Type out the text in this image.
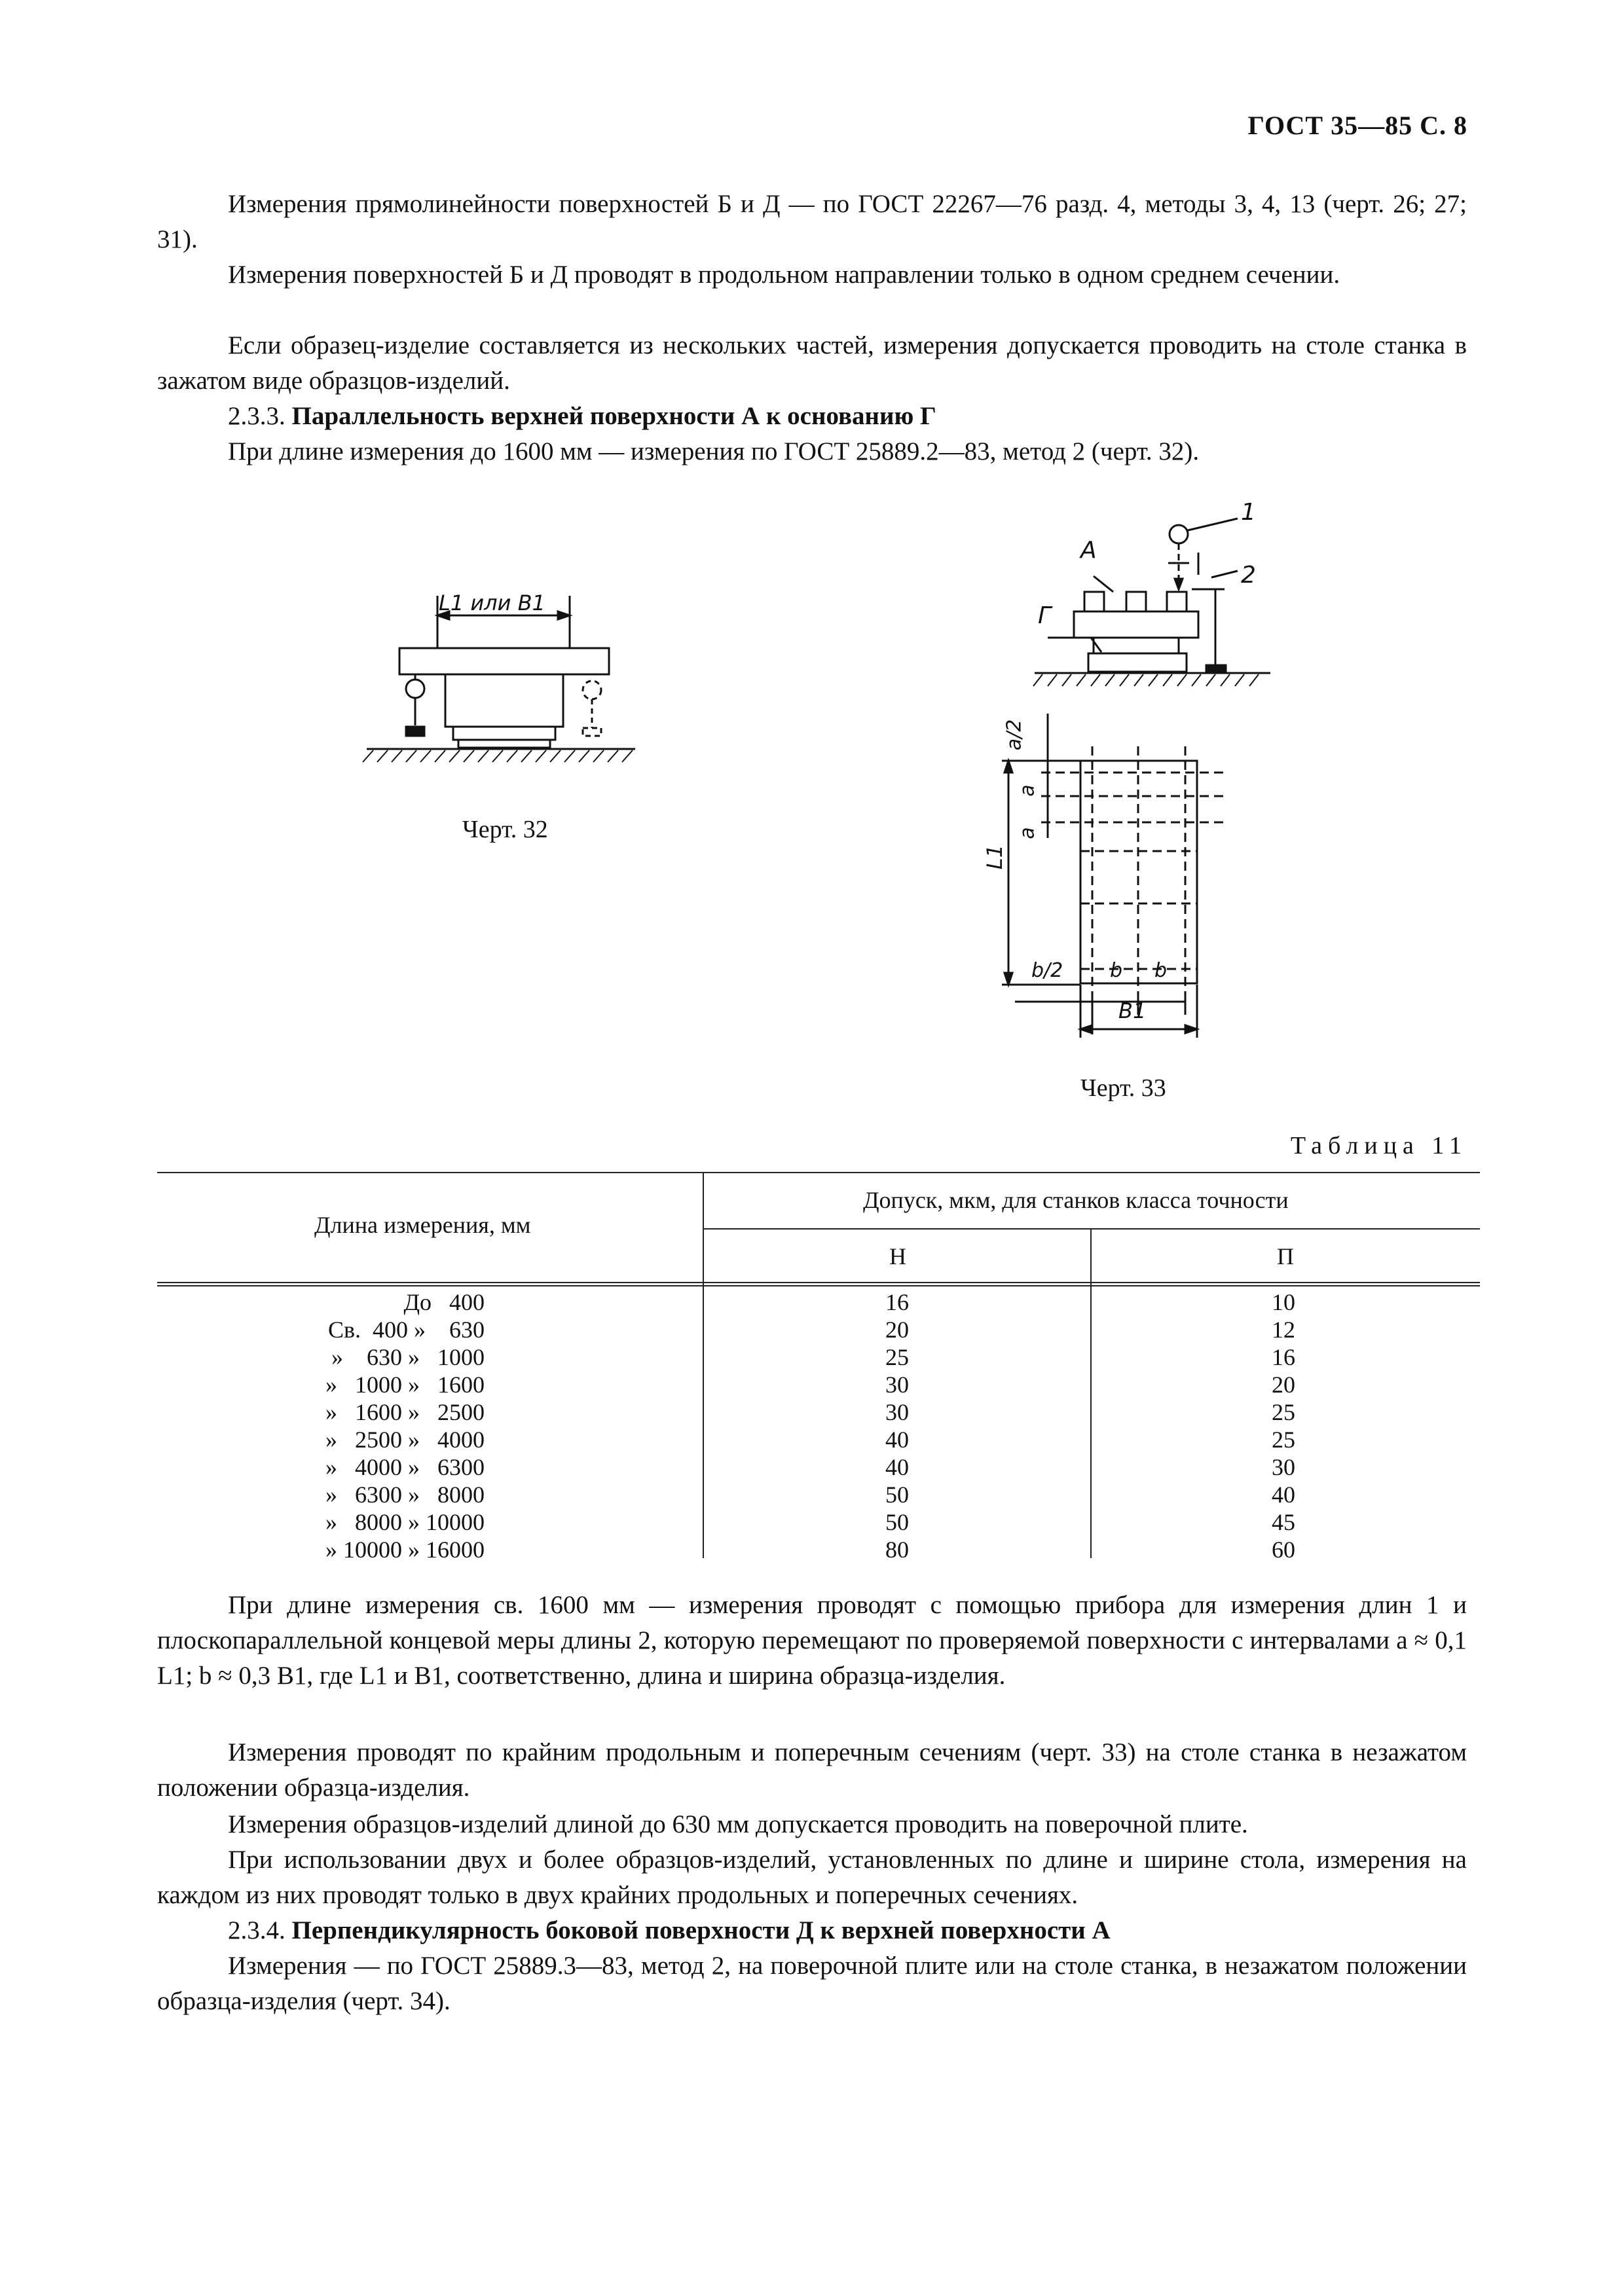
ГОСТ 35—85 С. 8
Измерения прямолинейности поверхностей Б и Д — по ГОСТ 22267—76 разд. 4, методы 3, 4, 13 (черт. 26; 27; 31).
Измерения поверхностей Б и Д проводят в продольном направлении только в одном среднем сечении.
Если образец-изделие составляется из нескольких частей, измерения допускается проводить на столе станка в зажатом виде образцов-изделий.
2.3.3. Параллельность верхней поверхности А к основанию Г
При длине измерения до 1600 мм — измерения по ГОСТ 25889.2—83, метод 2 (черт. 32).
L1 или B1
Черт. 32
1
2
А
Г
a/2
a
a
L1
b/2 b b
B1
Черт. 33
Таблица 11
Длина измерения, мм
Допуск, мкм, для станков класса точности
Н	П
До   400
Св.  400 »    630
»    630 »   1000
»   1000 »   1600
»   1600 »   2500
»   2500 »   4000
»   4000 »   6300
»   6300 »   8000
»   8000 » 10000
» 10000 » 16000
16
20
25
30
30
40
40
50
50
80
10
12
16
20
25
25
30
40
45
60
При длине измерения св. 1600 мм — измерения проводят с помощью прибора для измерения длин 1 и плоскопараллельной концевой меры длины 2, которую перемещают по проверяемой поверхности с интервалами a ≈ 0,1 L1; b ≈ 0,3 B1, где L1 и B1, соответственно, длина и ширина образца-изделия.
Измерения проводят по крайним продольным и поперечным сечениям (черт. 33) на столе станка в незажатом положении образца-изделия.
Измерения образцов-изделий длиной до 630 мм допускается проводить на поверочной плите.
При использовании двух и более образцов-изделий, установленных по длине и ширине стола, измерения на каждом из них проводят только в двух крайних продольных и поперечных сечениях.
2.3.4. Перпендикулярность боковой поверхности Д к верхней поверхности А
Измерения — по ГОСТ 25889.3—83, метод 2, на поверочной плите или на столе станка, в незажатом положении образца-изделия (черт. 34).
